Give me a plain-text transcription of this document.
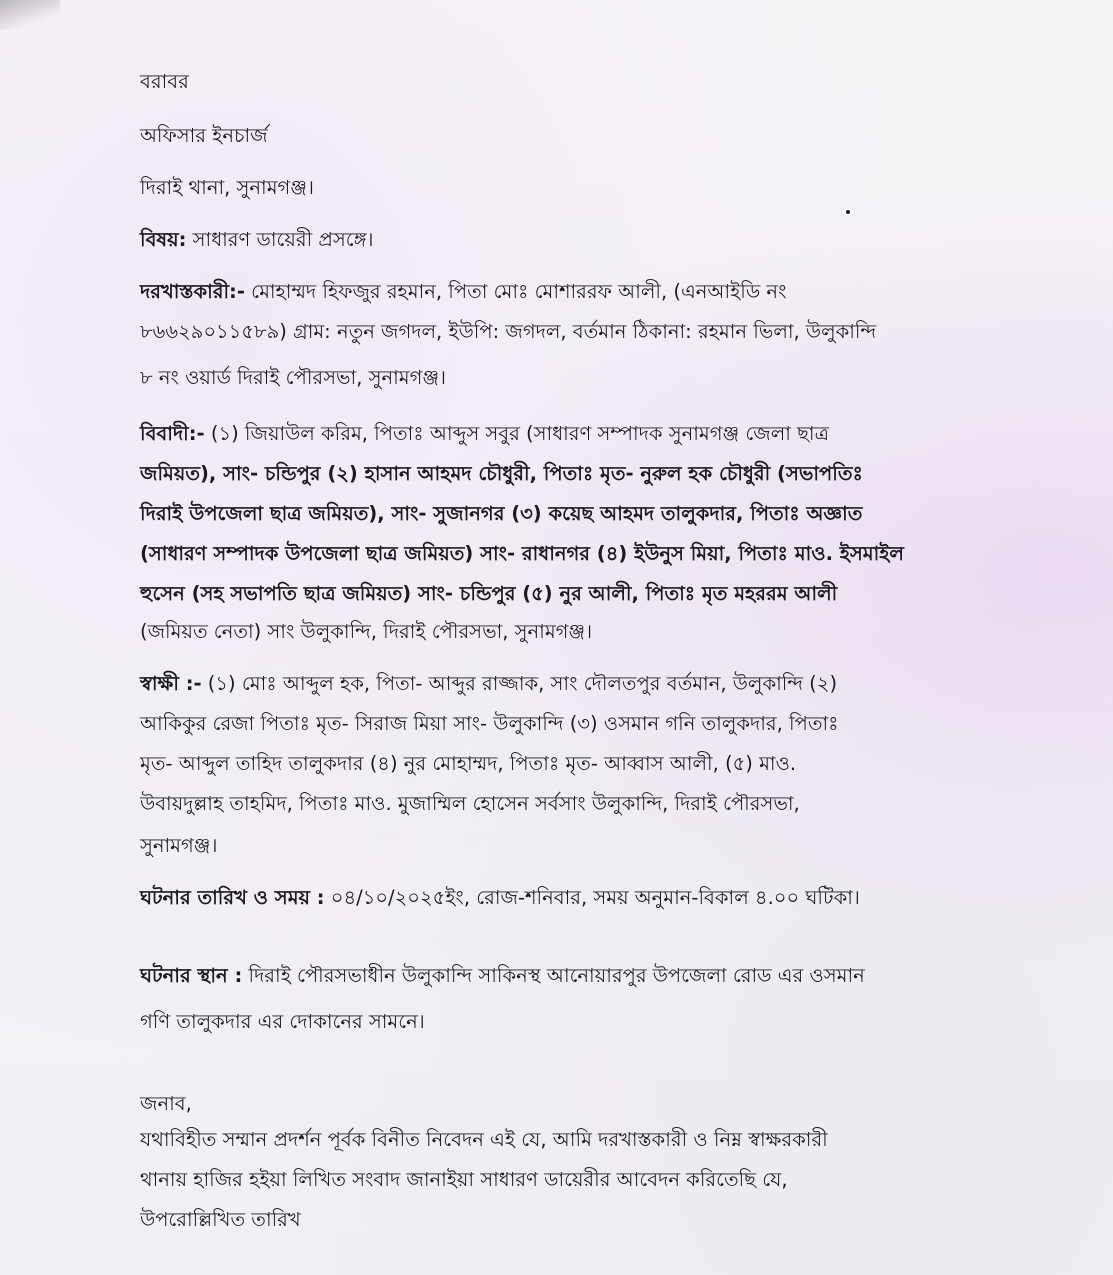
বরাবর
অফিসার ইনচার্জ
দিরাই থানা, সুনামগঞ্জ।
বিষয়: সাধারণ ডায়েরী প্রসঙ্গে।
দরখাস্তকারী:- মোহাম্মদ হিফজুর রহমান, পিতা মোঃ মোশাররফ আলী, (এনআইডি নং
৮৬৬২৯০১১৫৮৯) গ্রাম: নতুন জগদল, ইউপি: জগদল, বর্তমান ঠিকানা: রহমান ভিলা, উলুকান্দি
৮ নং ওয়ার্ড দিরাই পৌরসভা, সুনামগঞ্জ।
বিবাদী:- (১) জিয়াউল করিম, পিতাঃ আব্দুস সবুর (সাধারণ সম্পাদক সুনামগঞ্জ জেলা ছাত্র
জমিয়ত), সাং- চন্ডিপুর (২) হাসান আহমদ চৌধুরী, পিতাঃ মৃত- নুরুল হক চৌধুরী (সভাপতিঃ
দিরাই উপজেলা ছাত্র জমিয়ত), সাং- সুজানগর (৩) কয়েছ আহমদ তালুকদার, পিতাঃ অজ্ঞাত
(সাধারণ সম্পাদক উপজেলা ছাত্র জমিয়ত) সাং- রাধানগর (৪) ইউনুস মিয়া, পিতাঃ মাও. ইসমাইল
হুসেন (সহ সভাপতি ছাত্র জমিয়ত) সাং- চন্ডিপুর (৫) নুর আলী, পিতাঃ মৃত মহররম আলী
(জমিয়ত নেতা) সাং উলুকান্দি, দিরাই পৌরসভা, সুনামগঞ্জ।
স্বাক্ষী :- (১) মোঃ আব্দুল হক, পিতা- আব্দুর রাজ্জাক, সাং দৌলতপুর বর্তমান, উলুকান্দি (২)
আকিকুর রেজা পিতাঃ মৃত- সিরাজ মিয়া সাং- উলুকান্দি (৩) ওসমান গনি তালুকদার, পিতাঃ
মৃত- আব্দুল তাহিদ তালুকদার (৪) নুর মোহাম্মদ, পিতাঃ মৃত- আব্বাস আলী, (৫) মাও.
উবায়দুল্লাহ তাহমিদ, পিতাঃ মাও. মুজাম্মিল হোসেন সর্বসাং উলুকান্দি, দিরাই পৌরসভা,
সুনামগঞ্জ।
ঘটনার তারিখ ও সময় : ০৪/১০/২০২৫ইং, রোজ-শনিবার, সময় অনুমান-বিকাল ৪.০০ ঘটিকা।
ঘটনার স্থান : দিরাই পৌরসভাধীন উলুকান্দি সাকিনস্থ আনোয়ারপুর উপজেলা রোড এর ওসমান
গণি তালুকদার এর দোকানের সামনে।
জনাব,
যথাবিহীত সম্মান প্রদর্শন পূর্বক বিনীত নিবেদন এই যে, আমি দরখাস্তকারী ও নিম্ন স্বাক্ষরকারী
থানায় হাজির হইয়া লিখিত সংবাদ জানাইয়া সাধারণ ডায়েরীর আবেদন করিতেছি যে,
উপরোল্লিখিত তারিখ
